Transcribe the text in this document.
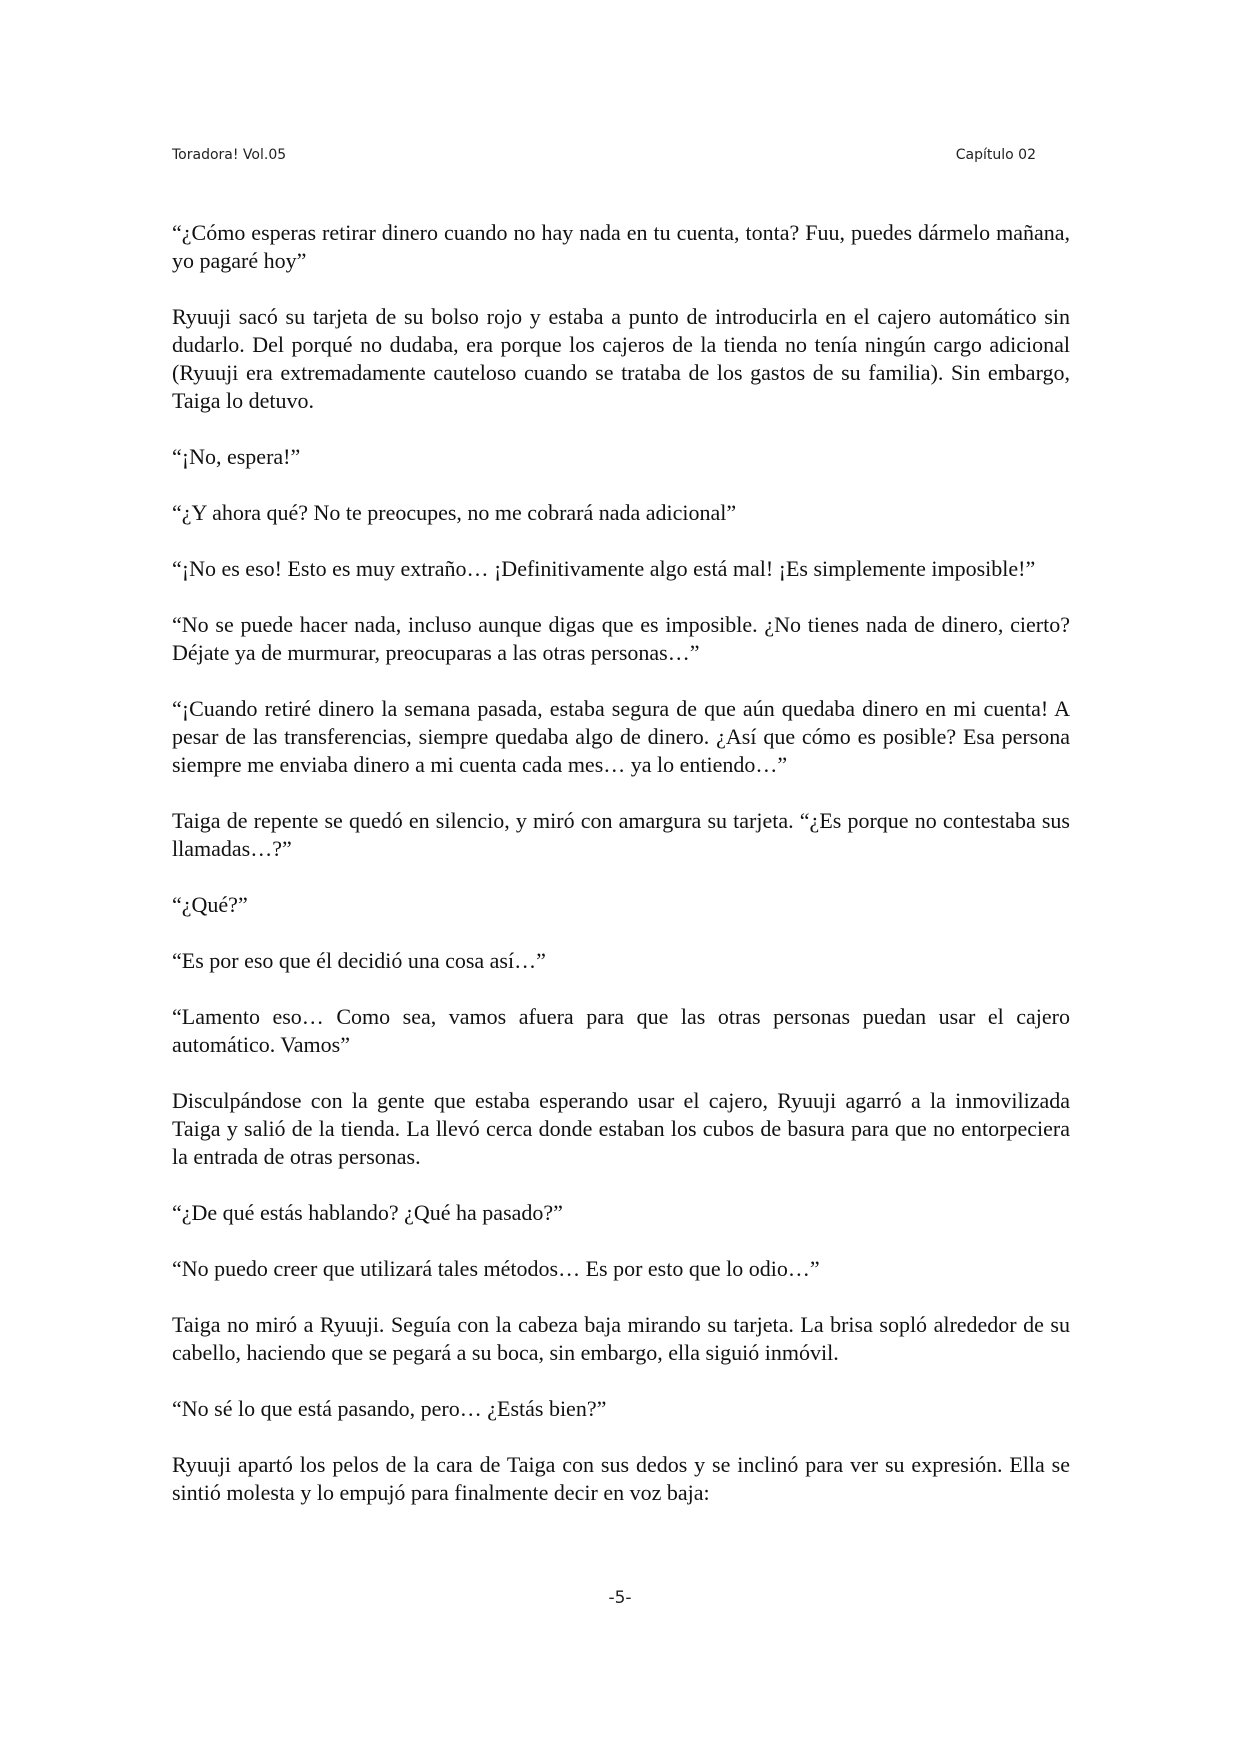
Toradora! Vol.05	Capítulo 02

“¿Cómo esperas retirar dinero cuando no hay nada en tu cuenta, tonta? Fuu, puedes dármelo mañana, yo pagaré hoy”

Ryuuji sacó su tarjeta de su bolso rojo y estaba a punto de introducirla en el cajero automático sin dudarlo. Del porqué no dudaba, era porque los cajeros de la tienda no tenía ningún cargo adicional (Ryuuji era extremadamente cauteloso cuando se trataba de los gastos de su familia). Sin embargo, Taiga lo detuvo.

“¡No, espera!”

“¿Y ahora qué? No te preocupes, no me cobrará nada adicional”

“¡No es eso! Esto es muy extraño… ¡Definitivamente algo está mal! ¡Es simplemente imposible!”

“No se puede hacer nada, incluso aunque digas que es imposible. ¿No tienes nada de dinero, cierto? Déjate ya de murmurar, preocuparas a las otras personas…”

“¡Cuando retiré dinero la semana pasada, estaba segura de que aún quedaba dinero en mi cuenta! A pesar de las transferencias, siempre quedaba algo de dinero. ¿Así que cómo es posible? Esa persona siempre me enviaba dinero a mi cuenta cada mes… ya lo entiendo…”

Taiga de repente se quedó en silencio, y miró con amargura su tarjeta. “¿Es porque no contestaba sus llamadas…?”

“¿Qué?”

“Es por eso que él decidió una cosa así…”

“Lamento eso… Como sea, vamos afuera para que las otras personas puedan usar el cajero automático. Vamos”

Disculpándose con la gente que estaba esperando usar el cajero, Ryuuji agarró a la inmovilizada Taiga y salió de la tienda. La llevó cerca donde estaban los cubos de basura para que no entorpeciera la entrada de otras personas.

“¿De qué estás hablando? ¿Qué ha pasado?”

“No puedo creer que utilizará tales métodos… Es por esto que lo odio…”

Taiga no miró a Ryuuji. Seguía con la cabeza baja mirando su tarjeta. La brisa sopló alrededor de su cabello, haciendo que se pegará a su boca, sin embargo, ella siguió inmóvil.

“No sé lo que está pasando, pero… ¿Estás bien?”

Ryuuji apartó los pelos de la cara de Taiga con sus dedos y se inclinó para ver su expresión. Ella se sintió molesta y lo empujó para finalmente decir en voz baja:

-5-
